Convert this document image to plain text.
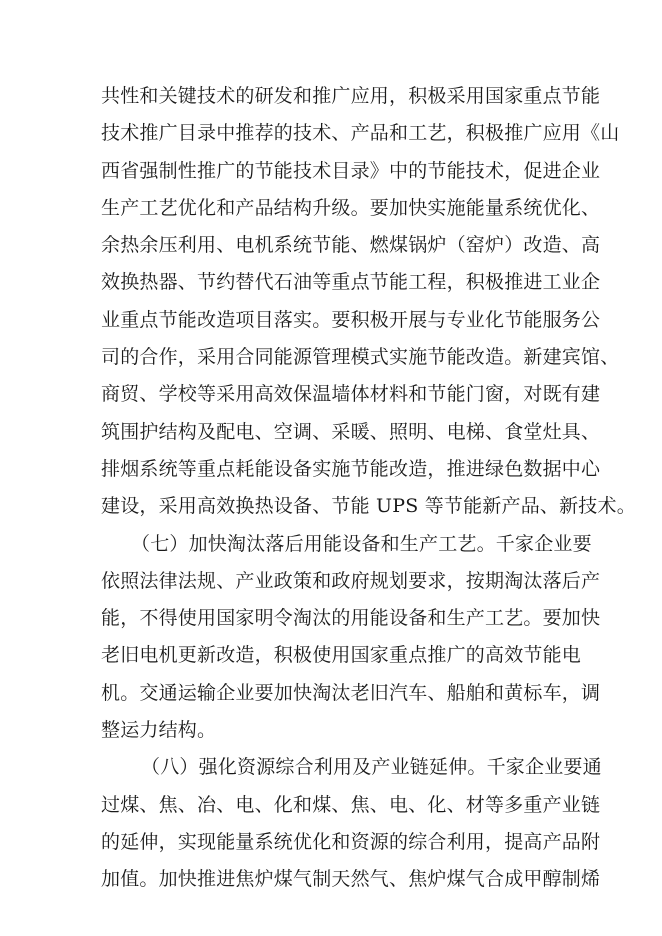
共性和关键技术的研发和推广应用，积极采用国家重点节能
技术推广目录中推荐的技术、产品和工艺，积极推广应用《山
西省强制性推广的节能技术目录》中的节能技术，促进企业
生产工艺优化和产品结构升级。要加快实施能量系统优化、
余热余压利用、电机系统节能、燃煤锅炉（窑炉）改造、高
效换热器、节约替代石油等重点节能工程，积极推进工业企
业重点节能改造项目落实。要积极开展与专业化节能服务公
司的合作，采用合同能源管理模式实施节能改造。新建宾馆、
商贸、学校等采用高效保温墙体材料和节能门窗，对既有建
筑围护结构及配电、空调、采暖、照明、电梯、食堂灶具、
排烟系统等重点耗能设备实施节能改造，推进绿色数据中心
建设，采用高效换热设备、节能 UPS 等节能新产品、新技术。
（七）加快淘汰落后用能设备和生产工艺。千家企业要
依照法律法规、产业政策和政府规划要求，按期淘汰落后产
能，不得使用国家明令淘汰的用能设备和生产工艺。要加快
老旧电机更新改造，积极使用国家重点推广的高效节能电
机。交通运输企业要加快淘汰老旧汽车、船舶和黄标车，调
整运力结构。
（八）强化资源综合利用及产业链延伸。千家企业要通
过煤、焦、冶、电、化和煤、焦、电、化、材等多重产业链
的延伸，实现能量系统优化和资源的综合利用，提高产品附
加值。加快推进焦炉煤气制天然气、焦炉煤气合成甲醇制烯
